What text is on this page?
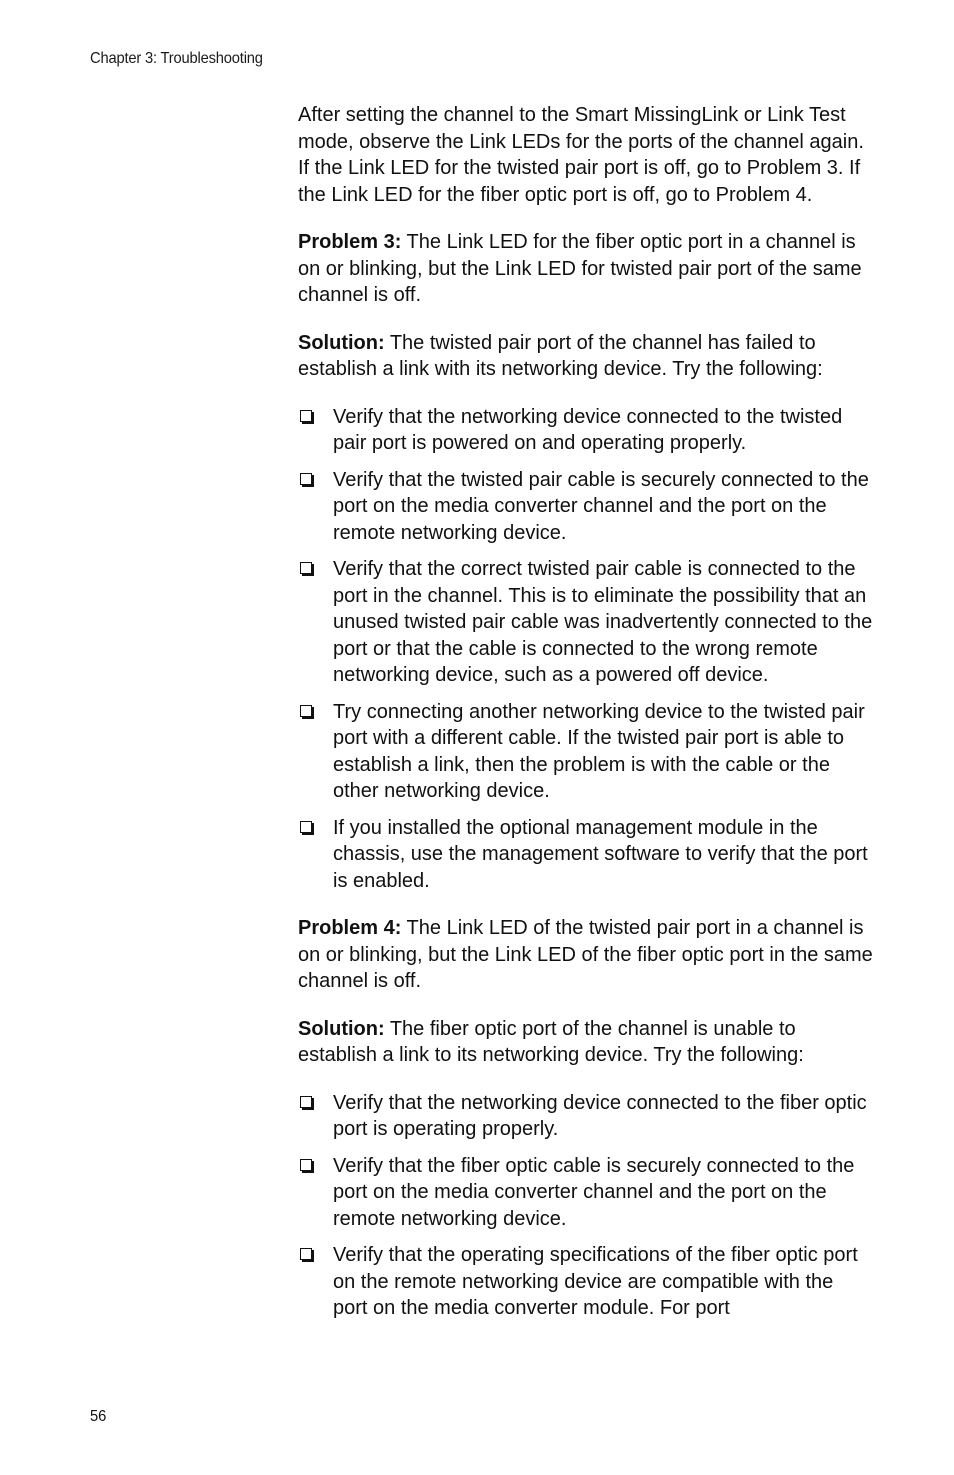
Chapter 3: Troubleshooting

After setting the channel to the Smart MissingLink or Link Test mode, observe the Link LEDs for the ports of the channel again. If the Link LED for the twisted pair port is off, go to Problem 3. If the Link LED for the fiber optic port is off, go to Problem 4.

Problem 3: The Link LED for the fiber optic port in a channel is on or blinking, but the Link LED for twisted pair port of the same channel is off.

Solution: The twisted pair port of the channel has failed to establish a link with its networking device. Try the following:

Verify that the networking device connected to the twisted pair port is powered on and operating properly.
Verify that the twisted pair cable is securely connected to the port on the media converter channel and the port on the remote networking device.
Verify that the correct twisted pair cable is connected to the port in the channel. This is to eliminate the possibility that an unused twisted pair cable was inadvertently connected to the port or that the cable is connected to the wrong remote networking device, such as a powered off device.
Try connecting another networking device to the twisted pair port with a different cable. If the twisted pair port is able to establish a link, then the problem is with the cable or the other networking device.
If you installed the optional management module in the chassis, use the management software to verify that the port is enabled.

Problem 4: The Link LED of the twisted pair port in a channel is on or blinking, but the Link LED of the fiber optic port in the same channel is off.

Solution: The fiber optic port of the channel is unable to establish a link to its networking device. Try the following:

Verify that the networking device connected to the fiber optic port is operating properly.
Verify that the fiber optic cable is securely connected to the port on the media converter channel and the port on the remote networking device.
Verify that the operating specifications of the fiber optic port on the remote networking device are compatible with the port on the media converter module. For port
56
